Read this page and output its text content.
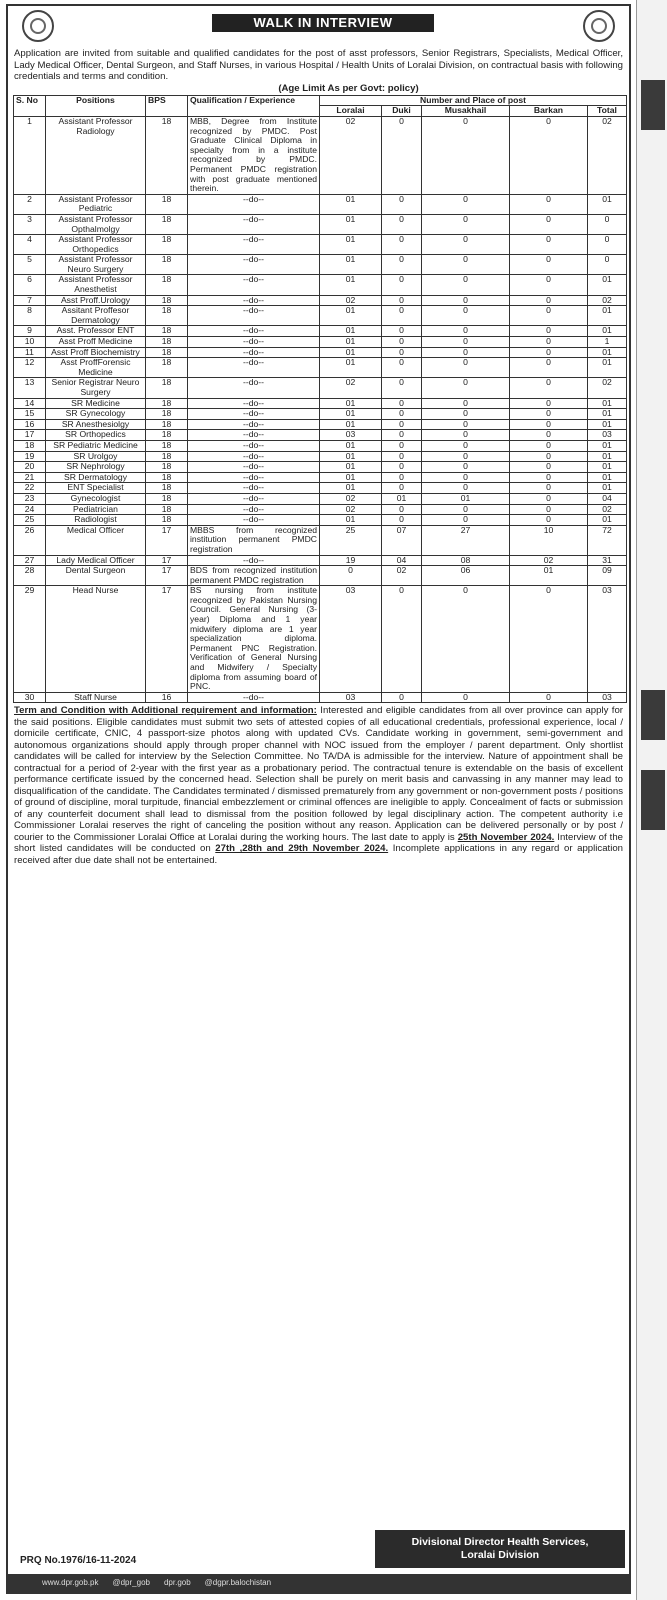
WALK IN INTERVIEW
Application are invited from suitable and qualified candidates for the post of asst professors, Senior Registrars, Specialists, Medical Officer, Lady Medical Officer, Dental Surgeon, and Staff Nurses, in various Hospital / Health Units of Loralai Division, on contractual basis with following credentials and terms and condition.
(Age Limit As per Govt: policy)
S. No	Positions	BPS	Qualification / Experience	Number and Place of post				
				Loralai	Duki	Musakhail	Barkan	Total
1	Assistant Professor Radiology	18	MBB, Degree from Institute recognized by PMDC. Post Graduate Clinical Diploma in specialty from in a institute recognized by PMDC. Permanent PMDC registration with post graduate mentioned therein.	02	0	0	0	02
2	Assistant Professor Pediatric	18	--do--	01	0	0	0	01
3	Assistant Professor Opthalmolgy	18	--do--	01	0	0	0	0
4	Assistant Professor Orthopedics	18	--do--	01	0	0	0	0
5	Assistant Professor Neuro Surgery	18	--do--	01	0	0	0	0
6	Assistant Professor Anesthetist	18	--do--	01	0	0	0	01
7	Asst Proff.Urology	18	--do--	02	0	0	0	02
8	Assitant Proffesor Dermatology	18	--do--	01	0	0	0	01
9	Asst. Professor ENT	18	--do--	01	0	0	0	01
10	Asst Proff Medicine	18	--do--	01	0	0	0	1
11	Asst Proff Biochemistry	18	--do--	01	0	0	0	01
12	Asst ProffForensic Medicine	18	--do--	01	0	0	0	01
13	Senior Registrar Neuro Surgery	18	--do--	02	0	0	0	02
14	SR Medicine	18	--do--	01	0	0	0	01
15	SR Gynecology	18	--do--	01	0	0	0	01
16	SR Anesthesiolgy	18	--do--	01	0	0	0	01
17	SR Orthopedics	18	--do--	03	0	0	0	03
18	SR Pediatric Medicine	18	--do--	01	0	0	0	01
19	SR Urolgoy	18	--do--	01	0	0	0	01
20	SR Nephrology	18	--do--	01	0	0	0	01
21	SR Dermatology	18	--do--	01	0	0	0	01
22	ENT Specialist	18	--do--	01	0	0	0	01
23	Gynecologist	18	--do--	02	01	01	0	04
24	Pediatrician	18	--do--	02	0	0	0	02
25	Radiologist	18	--do--	01	0	0	0	01
26	Medical Officer	17	MBBS from recognized institution permanent PMDC registration	25	07	27	10	72
27	Lady Medical Officer	17	--do--	19	04	08	02	31
28	Dental Surgeon	17	BDS from recognized institution permanent PMDC registration	0	02	06	01	09
29	Head Nurse	17	BS nursing from institute recognized by Pakistan Nursing Council. General Nursing (3-year) Diploma and 1 year midwifery diploma are 1 year specialization diploma. Permanent PNC Registration. Verification of General Nursing and Midwifery / Specialty diploma from assuming board of PNC.	03	0	0	0	03
30	Staff Nurse	16	--do--	03	0	0	0	03
Term and Condition with Additional requirement and information: Interested and eligible candidates from all over province can apply for the said positions. Eligible candidates must submit two sets of attested copies of all educational credentials, professional experience, local / domicile certificate, CNIC, 4 passport-size photos along with updated CVs. Candidate working in government, semi-government and autonomous organizations should apply through proper channel with NOC issued from the employer / parent department. Only shortlist candidates will be called for interview by the Selection Committee. No TA/DA is admissible for the interview. Nature of appointment shall be contractual for a period of 2-year with the first year as a probationary period. The contractual tenure is extendable on the basis of excellent performance certificate issued by the concerned head. Selection shall be purely on merit basis and canvassing in any manner may lead to disqualification of the candidate. The Candidates terminated / dismissed prematurely from any government or non-government posts / positions of ground of discipline, moral turpitude, financial embezzlement or criminal offences are ineligible to apply. Concealment of facts or submission of any counterfeit document shall lead to dismissal from the position followed by legal disciplinary action. The competent authority i.e Commissioner Loralai reserves the right of canceling the position without any reason. Application can be delivered personally or by post / courier to the Commissioner Loralai Office at Loralai during the working hours. The last date to apply is 25th November 2024. Interview of the short listed candidates will be conducted on 27th ,28th and 29th November 2024. Incomplete applications in any regard or application received after due date shall not be entertained.
PRQ No.1976/16-11-2024
Divisional Director Health Services,
Loralai Division
www.dpr.gob.pk @dpr_gob dpr.gob @dgpr.balochistan
